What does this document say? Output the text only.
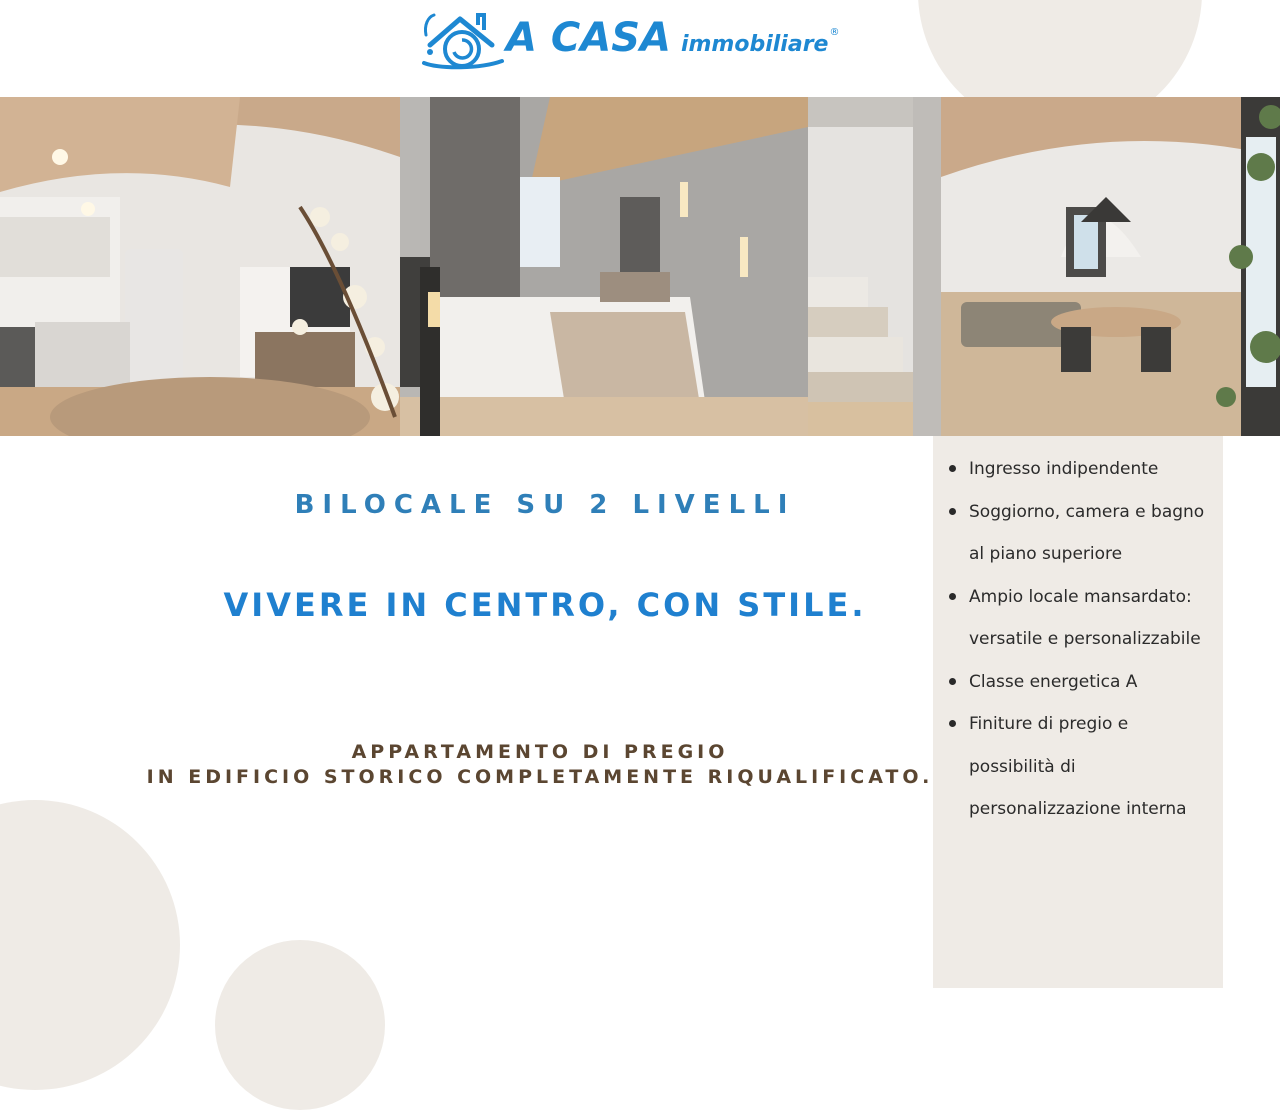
A CASA immobiliare ®
BILOCALE SU 2 LIVELLI
VIVERE IN CENTRO, CON STILE.
APPARTAMENTO DI PREGIO
IN EDIFICIO STORICO COMPLETAMENTE RIQUALIFICATO.
Ingresso indipendente
Soggiorno, camera e bagno
al piano superiore
Ampio locale mansardato:
versatile e personalizzabile
Classe energetica A
Finiture di pregio e
possibilità di
personalizzazione interna
